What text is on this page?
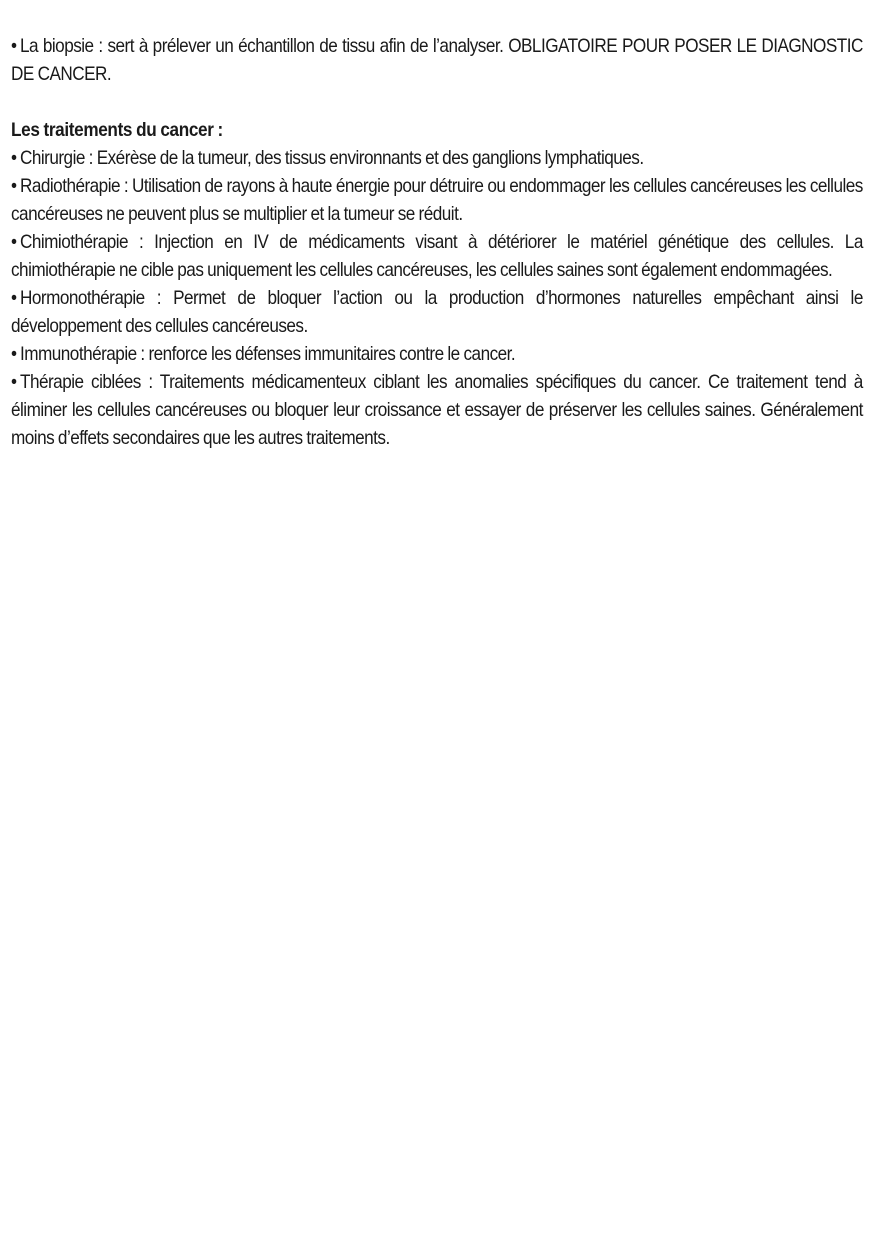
• La biopsie : sert à prélever un échantillon de tissu afin de l’analyser. OBLIGATOIRE POUR POSER LE DIAGNOSTIC DE CANCER.

Les traitements du cancer :

• Chirurgie : Exérèse de la tumeur, des tissus environnants et des ganglions lymphatiques.
• Radiothérapie : Utilisation de rayons à haute énergie pour détruire ou endommager les cellules cancéreuses les cellules cancéreuses ne peuvent plus se multiplier et la tumeur se réduit.
• Chimiothérapie : Injection en IV de médicaments visant à détériorer le matériel génétique des cellules. La chimiothérapie ne cible pas uniquement les cellules cancéreuses, les cellules saines sont également endommagées.
• Hormonothérapie : Permet de bloquer l’action ou la production d’hormones naturelles empêchant ainsi le développement des cellules cancéreuses.
• Immunothérapie : renforce les défenses immunitaires contre le cancer.
• Thérapie ciblées : Traitements médicamenteux ciblant les anomalies spécifiques du cancer. Ce traitement tend à éliminer les cellules cancéreuses ou bloquer leur croissance et essayer de préserver les cellules saines. Généralement moins d’effets secondaires que les autres traitements.
